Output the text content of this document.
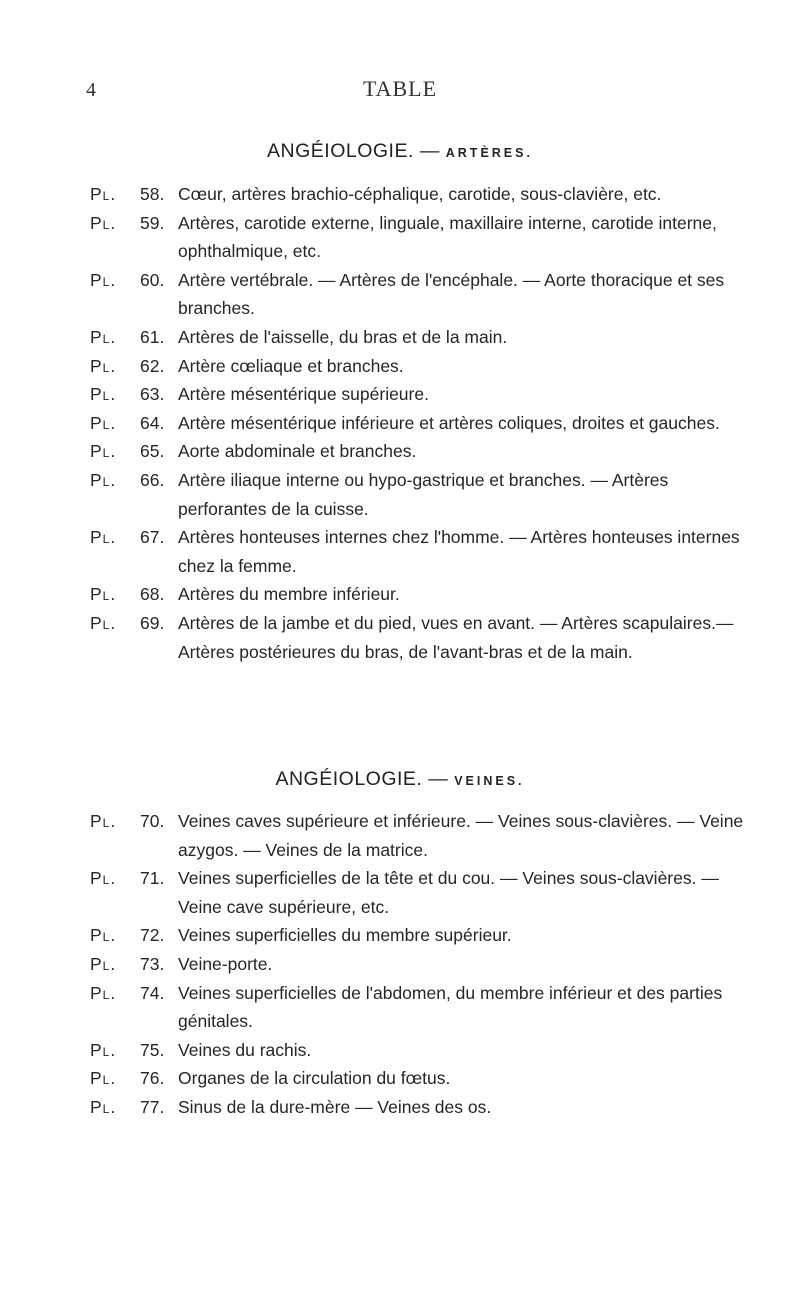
4	TABLE
ANGÉIOLOGIE. — ARTÈRES.
Pl.	58. Cœur, artères brachio-céphalique, carotide, sous-clavière, etc.
Pl.	59. Artères, carotide externe, linguale, maxillaire interne, carotide interne, ophthalmique, etc.
Pl.	60. Artère vertébrale. — Artères de l'encéphale. — Aorte thoracique et ses branches.
Pl.	61. Artères de l'aisselle, du bras et de la main.
Pl.	62. Artère cœliaque et branches.
Pl.	63. Artère mésentérique supérieure.
Pl.	64. Artère mésentérique inférieure et artères coliques, droites et gauches.
Pl.	65. Aorte abdominale et branches.
Pl.	66. Artère iliaque interne ou hypo-gastrique et branches. — Artères perforantes de la cuisse.
Pl.	67. Artères honteuses internes chez l'homme. — Artères honteuses internes chez la femme.
Pl.	68. Artères du membre inférieur.
Pl.	69. Artères de la jambe et du pied, vues en avant. — Artères scapulaires.—Artères postérieures du bras, de l'avant-bras et de la main.
ANGÉIOLOGIE. — VEINES.
Pl.	70. Veines caves supérieure et inférieure. — Veines sous-clavières. — Veine azygos. — Veines de la matrice.
Pl.	71. Veines superficielles de la tête et du cou. — Veines sous-clavières. — Veine cave supérieure, etc.
Pl.	72. Veines superficielles du membre supérieur.
Pl.	73. Veine-porte.
Pl.	74. Veines superficielles de l'abdomen, du membre inférieur et des parties génitales.
Pl.	75. Veines du rachis.
Pl.	76. Organes de la circulation du fœtus.
Pl.	77. Sinus de la dure-mère — Veines des os.
